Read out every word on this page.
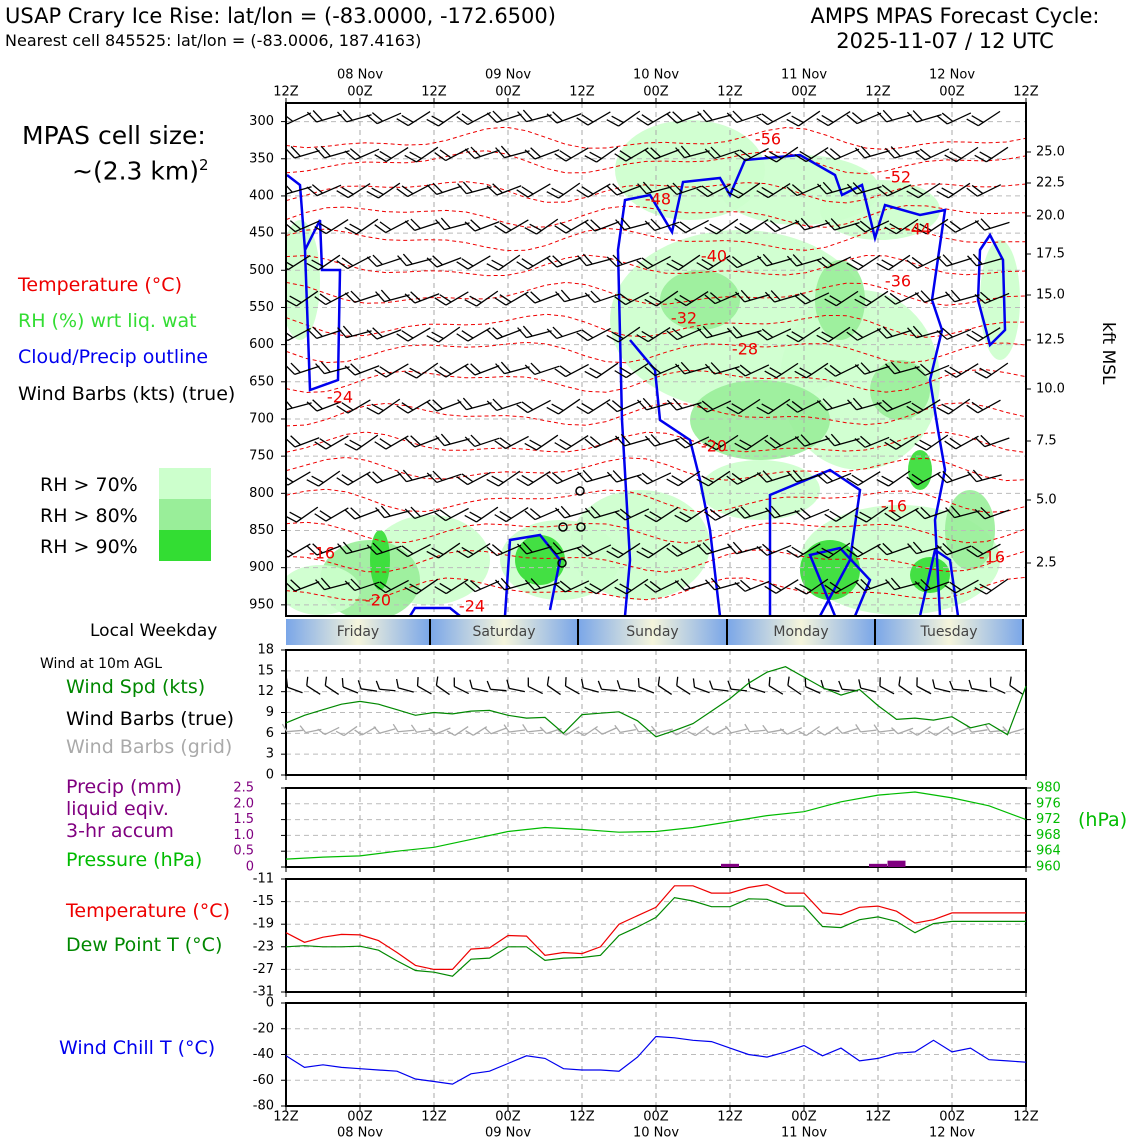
USAP Crary Ice Rise: lat/lon = (-83.0000, -172.6500)
Nearest cell 845525: lat/lon = (-83.0006, 187.4163)
AMPS MPAS Forecast Cycle:
2025-11-07 / 12 UTC
MPAS cell size:
~(2.3 km)$^2$
Temperature (°C)
RH (%) wrt liq. wat
Cloud/Precip outline
Wind Barbs (kts) (true)
RH > 70%
RH > 80%
RH > 90%
Local Weekday
Wind at 10m AGL
Wind Spd (kts)
Wind Barbs (true)
Wind Barbs (grid)
Precip (mm)
liquid eqiv.
3-hr accum
Pressure (hPa)
Temperature (°C)
Dew Point T (°C)
Wind Chill T (°C)
(hPa)
kft MSL
-56
-52
-48
-44
-40
-36
-32
-28
-24
-20
-16
-16	-16
-20	-24
300
350
400
450
500
550
600
650
700
750
800
850
900
950
25.0
22.5
20.0
17.5
15.0
12.5
10.0
7.5
5.0
2.5
12Z	00Z	12Z	00Z	12Z	00Z	12Z	00Z	12Z	00Z	12Z
08 Nov	09 Nov	10 Nov	11 Nov	12 Nov
Friday	Saturday	Sunday	Monday	Tuesday
0
3
6
9
12
15
18
2.5
2.0
1.5
1.0
0.5
0
980
976
972
968
964
960
-11
-15
-19
-23
-27
-31
0
-20
-40
-60
-80
12Z	00Z	12Z	00Z	12Z	00Z	12Z	00Z	12Z	00Z	12Z
08 Nov	09 Nov	10 Nov	11 Nov	12 Nov
